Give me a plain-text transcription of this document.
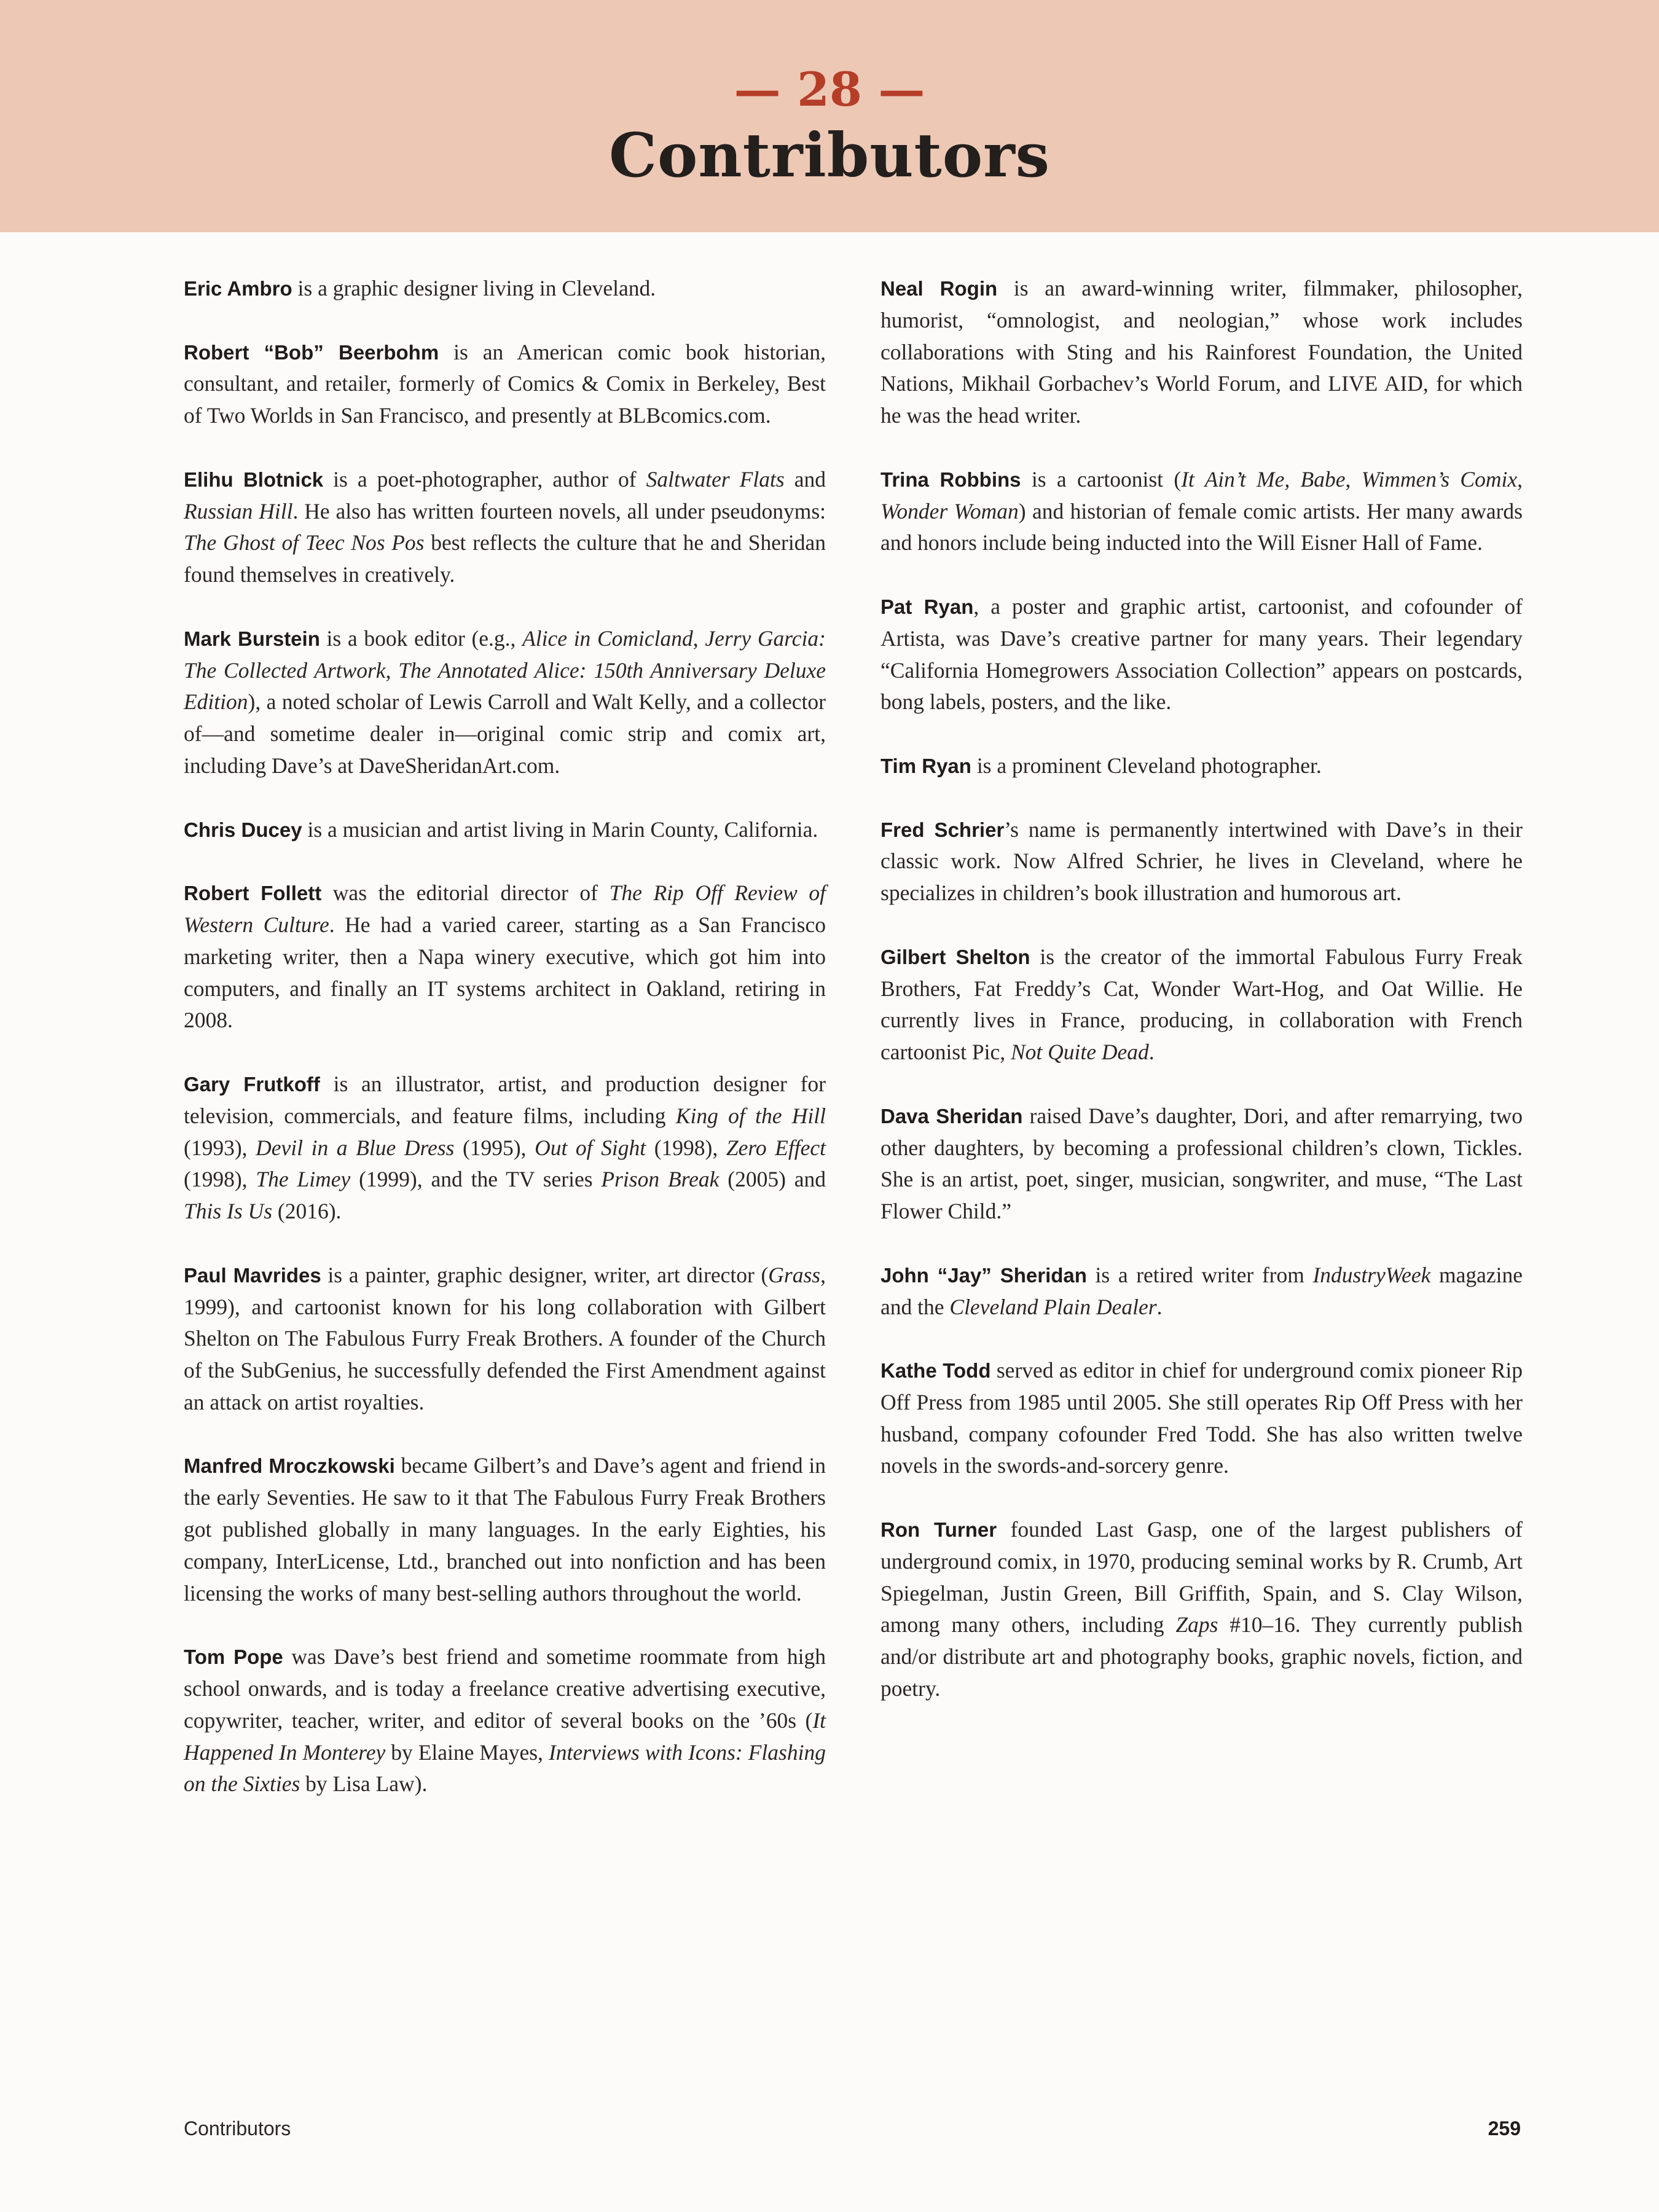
— 28 —
Contributors

Eric Ambro is a graphic designer living in Cleveland.

Robert “Bob” Beerbohm is an American comic book historian, consultant, and retailer, formerly of Comics & Comix in Berkeley, Best of Two Worlds in San Francisco, and presently at BLBcomics.com.

Elihu Blotnick is a poet-photographer, author of Saltwater Flats and Russian Hill. He also has written fourteen novels, all under pseudonyms: The Ghost of Teec Nos Pos best reflects the culture that he and Sheridan found themselves in creatively.

Mark Burstein is a book editor (e.g., Alice in Comicland, Jerry Garcia: The Collected Artwork, The Annotated Alice: 150th Anniversary Deluxe Edition), a noted scholar of Lewis Carroll and Walt Kelly, and a collector of—and sometime dealer in—original comic strip and comix art, including Dave’s at DaveSheridanArt.com.

Chris Ducey is a musician and artist living in Marin County, California.

Robert Follett was the editorial director of The Rip Off Review of Western Culture. He had a varied career, starting as a San Francisco marketing writer, then a Napa winery executive, which got him into computers, and finally an IT systems architect in Oakland, retiring in 2008.

Gary Frutkoff is an illustrator, artist, and production designer for television, commercials, and feature films, including King of the Hill (1993), Devil in a Blue Dress (1995), Out of Sight (1998), Zero Effect (1998), The Limey (1999), and the TV series Prison Break (2005) and This Is Us (2016).

Paul Mavrides is a painter, graphic designer, writer, art director (Grass, 1999), and cartoonist known for his long collaboration with Gilbert Shelton on The Fabulous Furry Freak Brothers. A founder of the Church of the SubGenius, he successfully defended the First Amendment against an attack on artist royalties.

Manfred Mroczkowski became Gilbert’s and Dave’s agent and friend in the early Seventies. He saw to it that The Fabulous Furry Freak Brothers got published globally in many languages. In the early Eighties, his company, InterLicense, Ltd., branched out into nonfiction and has been licensing the works of many best-selling authors throughout the world.

Tom Pope was Dave’s best friend and sometime roommate from high school onwards, and is today a freelance creative advertising executive, copywriter, teacher, writer, and editor of several books on the ’60s (It Happened In Monterey by Elaine Mayes, Interviews with Icons: Flashing on the Sixties by Lisa Law).

Neal Rogin is an award-winning writer, filmmaker, philosopher, humorist, “omnologist, and neologian,” whose work includes collaborations with Sting and his Rainforest Foundation, the United Nations, Mikhail Gorbachev’s World Forum, and LIVE AID, for which he was the head writer.

Trina Robbins is a cartoonist (It Ain’t Me, Babe, Wimmen’s Comix, Wonder Woman) and historian of female comic artists. Her many awards and honors include being inducted into the Will Eisner Hall of Fame.

Pat Ryan, a poster and graphic artist, cartoonist, and cofounder of Artista, was Dave’s creative partner for many years. Their legendary “California Homegrowers Association Collection” appears on postcards, bong labels, posters, and the like.

Tim Ryan is a prominent Cleveland photographer.

Fred Schrier’s name is permanently intertwined with Dave’s in their classic work. Now Alfred Schrier, he lives in Cleveland, where he specializes in children’s book illustration and humorous art.

Gilbert Shelton is the creator of the immortal Fabulous Furry Freak Brothers, Fat Freddy’s Cat, Wonder Wart-Hog, and Oat Willie. He currently lives in France, producing, in collaboration with French cartoonist Pic, Not Quite Dead.

Dava Sheridan raised Dave’s daughter, Dori, and after remarrying, two other daughters, by becoming a professional children’s clown, Tickles. She is an artist, poet, singer, musician, songwriter, and muse, “The Last Flower Child.”

John “Jay” Sheridan is a retired writer from IndustryWeek magazine and the Cleveland Plain Dealer.

Kathe Todd served as editor in chief for underground comix pioneer Rip Off Press from 1985 until 2005. She still operates Rip Off Press with her husband, company cofounder Fred Todd. She has also written twelve novels in the swords-and-sorcery genre.

Ron Turner founded Last Gasp, one of the largest publishers of underground comix, in 1970, producing seminal works by R. Crumb, Art Spiegelman, Justin Green, Bill Griffith, Spain, and S. Clay Wilson, among many others, including Zaps #10–16. They currently publish and/or distribute art and photography books, graphic novels, fiction, and poetry.

Contributors	259
